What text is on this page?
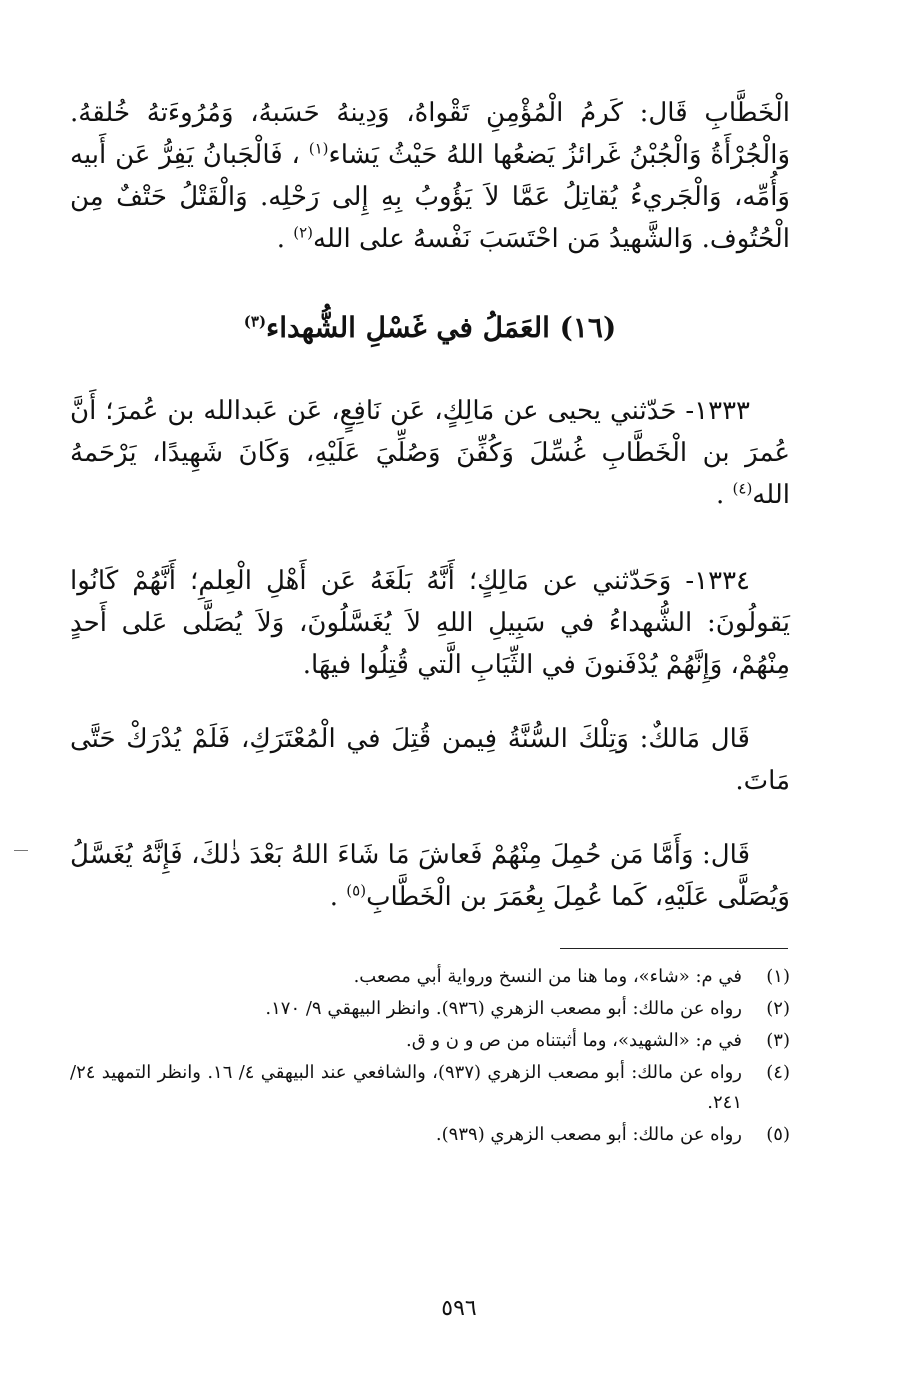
الْخَطَّابِ قَال: كَرمُ الْمُؤْمِنِ تَقْواهُ، وَدِينهُ حَسَبهُ، وَمُرُوءَتهُ خُلقهُ. وَالْجُرْأَةُ وَالْجُبْنُ غَرائزُ يَضعُها اللهُ حَيْثُ يَشاء$^{(١)}$ ، فَالْجَبانُ يَفِرُّ عَن أَبيه وَأُمِّه، وَالْجَريءُ يُقاتِلُ عَمَّا لاَ يَؤُوبُ بِهِ إِلى رَحْلِه. وَالْقَتْلُ حَتْفٌ مِن الْحُتُوف. وَالشَّهيدُ مَن احْتَسَبَ نَفْسهُ على الله$^{(٢)}$ .

(١٦) العَمَلُ في غَسْلِ الشُّهداء$^{(٣)}$

١٣٣٣- حَدّثني يحيى عن مَالِكٍ، عَن نَافِعٍ، عَن عَبدالله بن عُمرَ؛ أَنَّ عُمرَ بن الْخَطَّابِ غُسِّلَ وَكُفِّنَ وَصُلِّيَ عَلَيْهِ، وَكَانَ شَهِيدًا، يَرْحَمهُ الله$^{(٤)}$ .

١٣٣٤- وَحَدّثني عن مَالِكٍ؛ أَنَّهُ بَلَغَهُ عَن أَهْلِ الْعِلمِ؛ أَنَّهُمْ كَانُوا يَقولُونَ: الشُّهداءُ في سَبِيلِ اللهِ لاَ يُغَسَّلُونَ، وَلاَ يُصَلَّى عَلى أَحدٍ مِنْهُمْ، وَإِنَّهُمْ يُدْفَنونَ في الثِّيَابِ الَّتي قُتِلُوا فيهَا.

قَال مَالكٌ: وَتِلْكَ السُّنَّةُ فِيمن قُتِلَ في الْمُعْتَرَكِ، فَلَمْ يُدْرَكْ حَتَّى مَاتَ.

قَال: وَأَمَّا مَن حُمِلَ مِنْهُمْ فَعاشَ مَا شَاءَ اللهُ بَعْدَ ذٰلكَ، فَإِنَّهُ يُغَسَّلُ وَيُصَلَّى عَلَيْهِ، كَما عُمِلَ بِعُمَرَ بن الْخَطَّابِ$^{(٥)}$ .

(١)
في م: «شاء»، وما هنا من النسخ ورواية أبي مصعب.
(٢)
رواه عن مالك: أبو مصعب الزهري (٩٣٦). وانظر البيهقي ٩/ ١٧٠.
(٣)
في م: «الشهيد»، وما أثبتناه من ص و ن و ق.
(٤)
رواه عن مالك: أبو مصعب الزهري (٩٣٧)، والشافعي عند البيهقي ٤/ ١٦. وانظر التمهيد ٢٤/ ٢٤١.
(٥)
رواه عن مالك: أبو مصعب الزهري (٩٣٩).
٥٩٦
